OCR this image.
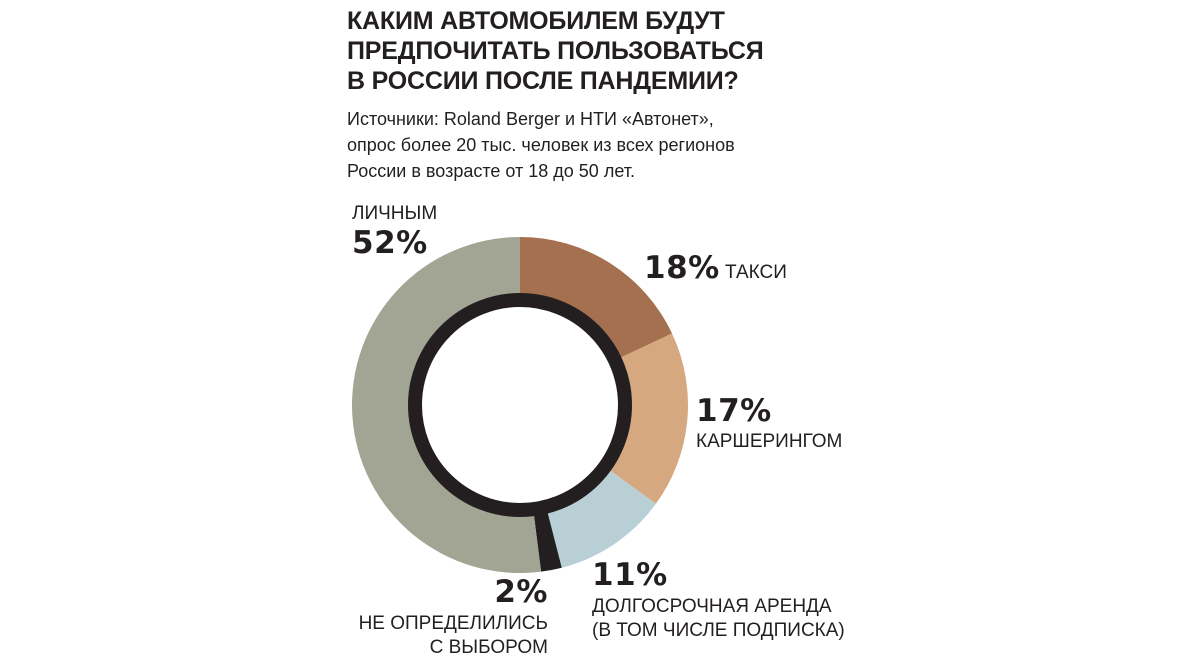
КАКИМ АВТОМОБИЛЕМ БУДУТ
ПРЕДПОЧИТАТЬ ПОЛЬЗОВАТЬСЯ
В РОССИИ ПОСЛЕ ПАНДЕМИИ?
Источники: Roland Berger и НТИ «Автонет»,
опрос более 20 тыс. человек из всех регионов
России в возрасте от 18 до 50 лет.
18% ТАКСИ
17%
КАРШЕРИНГОМ
11%
ДОЛГОСРОЧНАЯ АРЕНДА
(В ТОМ ЧИСЛЕ ПОДПИСКА)
2%
НЕ ОПРЕДЕЛИЛИСЬ
С ВЫБОРОМ
ЛИЧНЫМ
52%
